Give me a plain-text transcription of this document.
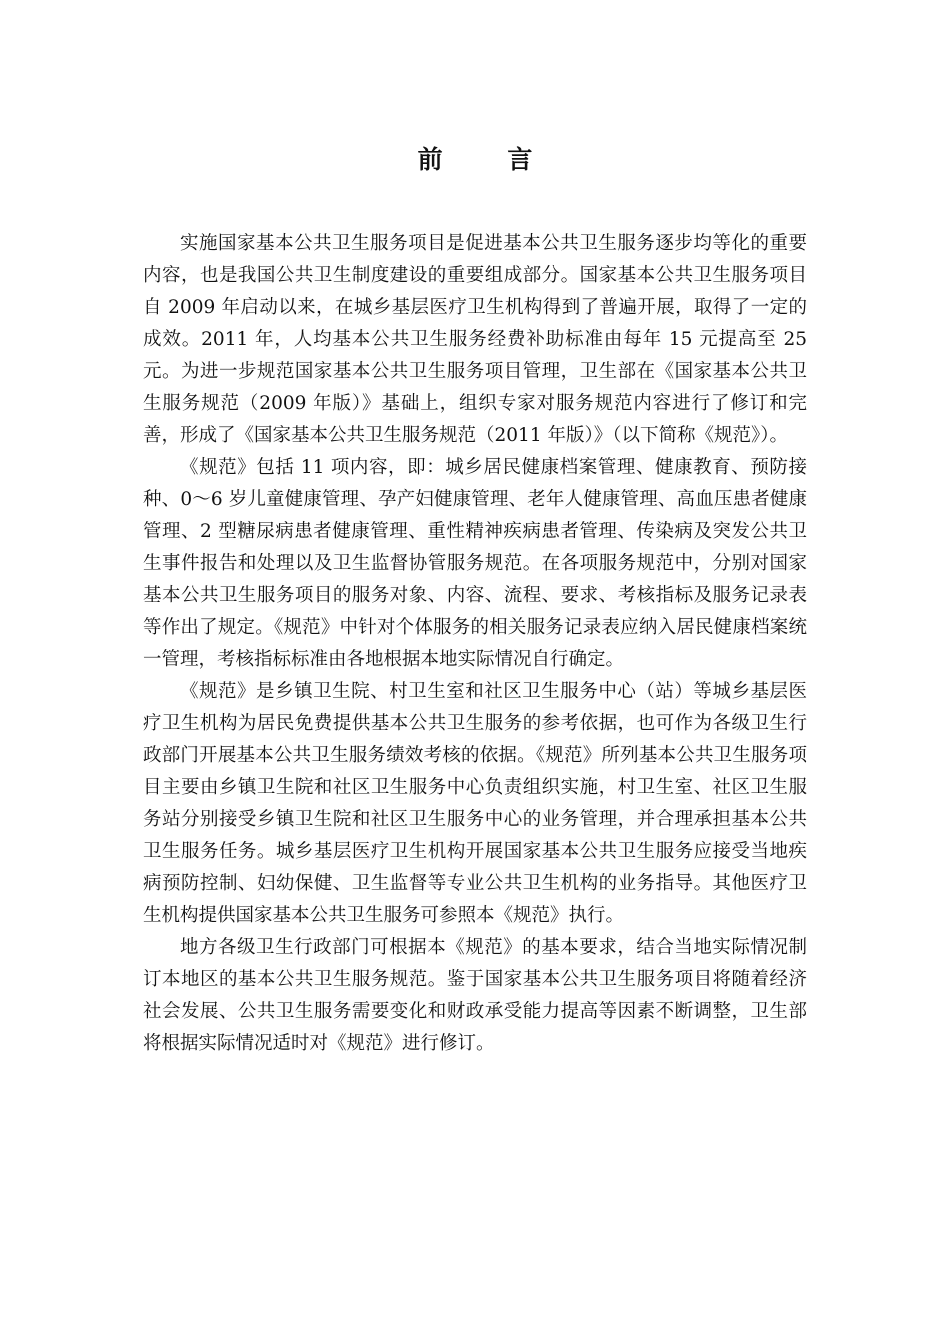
前 言

实施国家基本公共卫生服务项目是促进基本公共卫生服务逐步均等化的重要内容，也是我国公共卫生制度建设的重要组成部分。国家基本公共卫生服务项目自 2009 年启动以来，在城乡基层医疗卫生机构得到了普遍开展，取得了一定的成效。2011 年，人均基本公共卫生服务经费补助标准由每年 15 元提高至 25 元。为进一步规范国家基本公共卫生服务项目管理，卫生部在《国家基本公共卫生服务规范（2009 年版）》基础上，组织专家对服务规范内容进行了修订和完善，形成了《国家基本公共卫生服务规范（2011 年版）》（以下简称《规范》）。

《规范》包括 11 项内容，即：城乡居民健康档案管理、健康教育、预防接种、0～6 岁儿童健康管理、孕产妇健康管理、老年人健康管理、高血压患者健康管理、2 型糖尿病患者健康管理、重性精神疾病患者管理、传染病及突发公共卫生事件报告和处理以及卫生监督协管服务规范。在各项服务规范中，分别对国家基本公共卫生服务项目的服务对象、内容、流程、要求、考核指标及服务记录表等作出了规定。《规范》中针对个体服务的相关服务记录表应纳入居民健康档案统一管理，考核指标标准由各地根据本地实际情况自行确定。

《规范》是乡镇卫生院、村卫生室和社区卫生服务中心（站）等城乡基层医疗卫生机构为居民免费提供基本公共卫生服务的参考依据，也可作为各级卫生行政部门开展基本公共卫生服务绩效考核的依据。《规范》所列基本公共卫生服务项目主要由乡镇卫生院和社区卫生服务中心负责组织实施，村卫生室、社区卫生服务站分别接受乡镇卫生院和社区卫生服务中心的业务管理，并合理承担基本公共卫生服务任务。城乡基层医疗卫生机构开展国家基本公共卫生服务应接受当地疾病预防控制、妇幼保健、卫生监督等专业公共卫生机构的业务指导。其他医疗卫生机构提供国家基本公共卫生服务可参照本《规范》执行。

地方各级卫生行政部门可根据本《规范》的基本要求，结合当地实际情况制订本地区的基本公共卫生服务规范。鉴于国家基本公共卫生服务项目将随着经济社会发展、公共卫生服务需要变化和财政承受能力提高等因素不断调整，卫生部将根据实际情况适时对《规范》进行修订。
